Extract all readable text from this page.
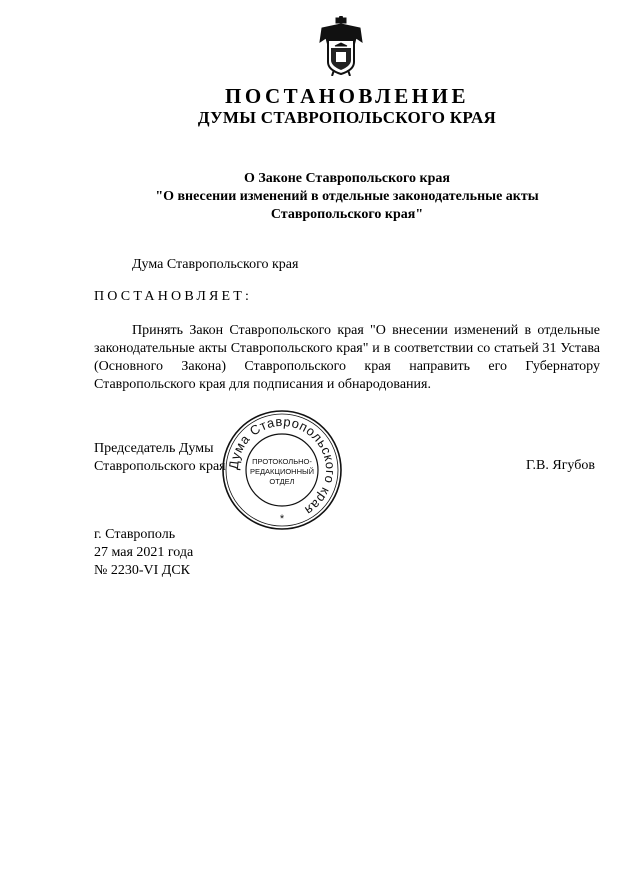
ПОСТАНОВЛЕНИЕ
ДУМЫ СТАВРОПОЛЬСКОГО КРАЯ
О Законе Ставропольского края
"О внесении изменений в отдельные законодательные акты
Ставропольского края"
Дума Ставропольского края
ПОСТАНОВЛЯЕТ:
Принять Закон Ставропольского края "О внесении изменений в отдельные законодательные акты Ставропольского края" и в соответствии со статьей 31 Устава (Основного Закона) Ставропольского края направить его Губернатору Ставропольского края для подписания и обнародования.
Председатель Думы
Ставропольского края Дума Ставропольского края
ПРОТОКОЛЬНО-
РЕДАКЦИОННЫЙ
ОТДЕЛ
*
Г.В. Ягубов
г. Ставрополь
27 мая 2021 года
№ 2230-VI ДСК
